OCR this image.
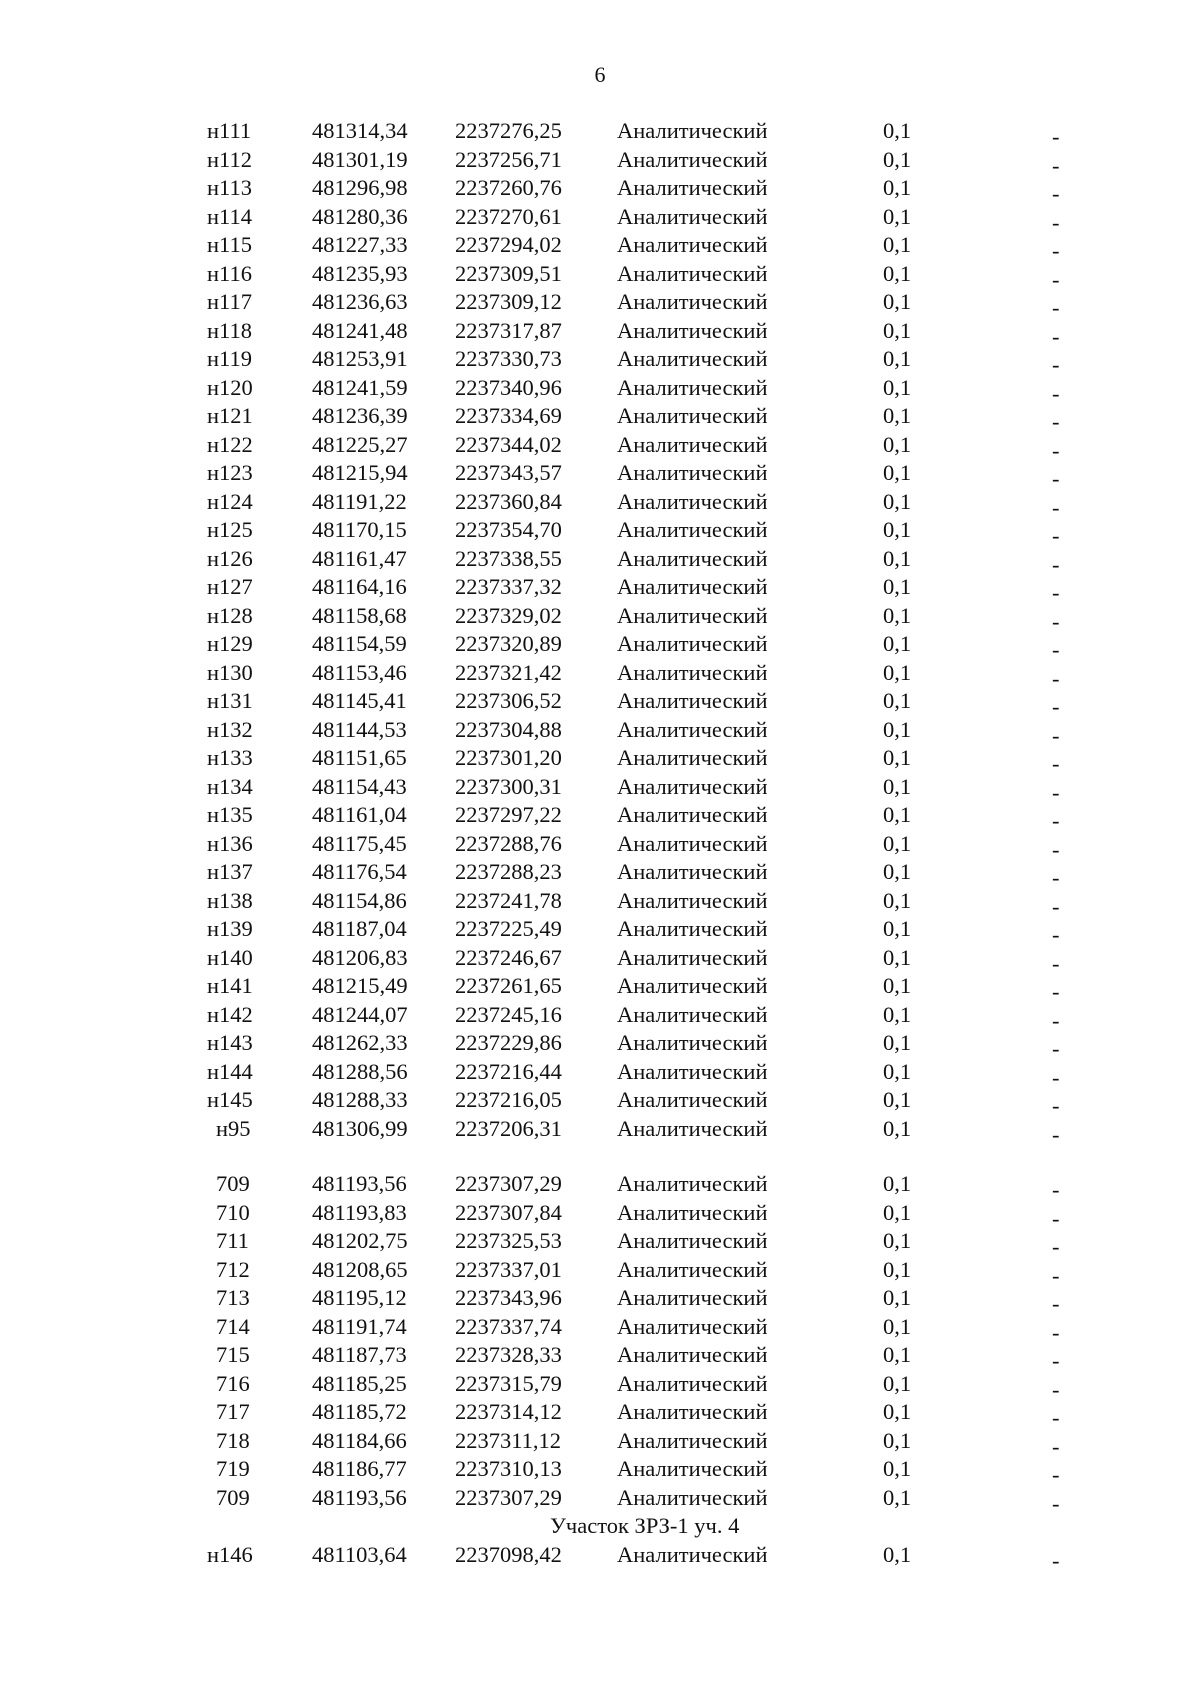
6
н111	481314,34 2237276,25 Аналитический	0,1	-
н112	481301,19 2237256,71 Аналитический	0,1	-
н113	481296,98 2237260,76 Аналитический	0,1	-
н114	481280,36 2237270,61 Аналитический	0,1	-
н115	481227,33 2237294,02 Аналитический	0,1	-
н116	481235,93 2237309,51 Аналитический	0,1	-
н117	481236,63 2237309,12 Аналитический	0,1	-
н118	481241,48 2237317,87 Аналитический	0,1	-
н119	481253,91 2237330,73 Аналитический	0,1	-
н120	481241,59 2237340,96 Аналитический	0,1	-
н121	481236,39 2237334,69 Аналитический	0,1	-
н122	481225,27 2237344,02 Аналитический	0,1	-
н123	481215,94 2237343,57 Аналитический	0,1	-
н124	481191,22 2237360,84 Аналитический	0,1	-
н125	481170,15 2237354,70 Аналитический	0,1	-
н126	481161,47 2237338,55 Аналитический	0,1	-
н127	481164,16 2237337,32 Аналитический	0,1	-
н128	481158,68 2237329,02 Аналитический	0,1	-
н129	481154,59 2237320,89 Аналитический	0,1	-
н130	481153,46 2237321,42 Аналитический	0,1	-
н131	481145,41 2237306,52 Аналитический	0,1	-
н132	481144,53 2237304,88 Аналитический	0,1	-
н133	481151,65 2237301,20 Аналитический	0,1	-
н134	481154,43 2237300,31 Аналитический	0,1	-
н135	481161,04 2237297,22 Аналитический	0,1	-
н136	481175,45 2237288,76 Аналитический	0,1	-
н137	481176,54 2237288,23 Аналитический	0,1	-
н138	481154,86 2237241,78 Аналитический	0,1	-
н139	481187,04 2237225,49 Аналитический	0,1	-
н140	481206,83 2237246,67 Аналитический	0,1	-
н141	481215,49 2237261,65 Аналитический	0,1	-
н142	481244,07 2237245,16 Аналитический	0,1	-
н143	481262,33 2237229,86 Аналитический	0,1	-
н144	481288,56 2237216,44 Аналитический	0,1	-
н145	481288,33 2237216,05 Аналитический	0,1	-
н95	481306,99 2237206,31 Аналитический	0,1	-
709	481193,56 2237307,29 Аналитический	0,1	-
710	481193,83 2237307,84 Аналитический	0,1	-
711	481202,75 2237325,53 Аналитический	0,1	-
712	481208,65 2237337,01 Аналитический	0,1	-
713	481195,12 2237343,96 Аналитический	0,1	-
714	481191,74 2237337,74 Аналитический	0,1	-
715	481187,73 2237328,33 Аналитический	0,1	-
716	481185,25 2237315,79 Аналитический	0,1	-
717	481185,72 2237314,12 Аналитический	0,1	-
718	481184,66 2237311,12 Аналитический	0,1	-
719	481186,77 2237310,13 Аналитический	0,1	-
709	481193,56 2237307,29 Аналитический	0,1	-
Участок ЗРЗ-1 уч. 4
н146	481103,64 2237098,42 Аналитический	0,1	-
